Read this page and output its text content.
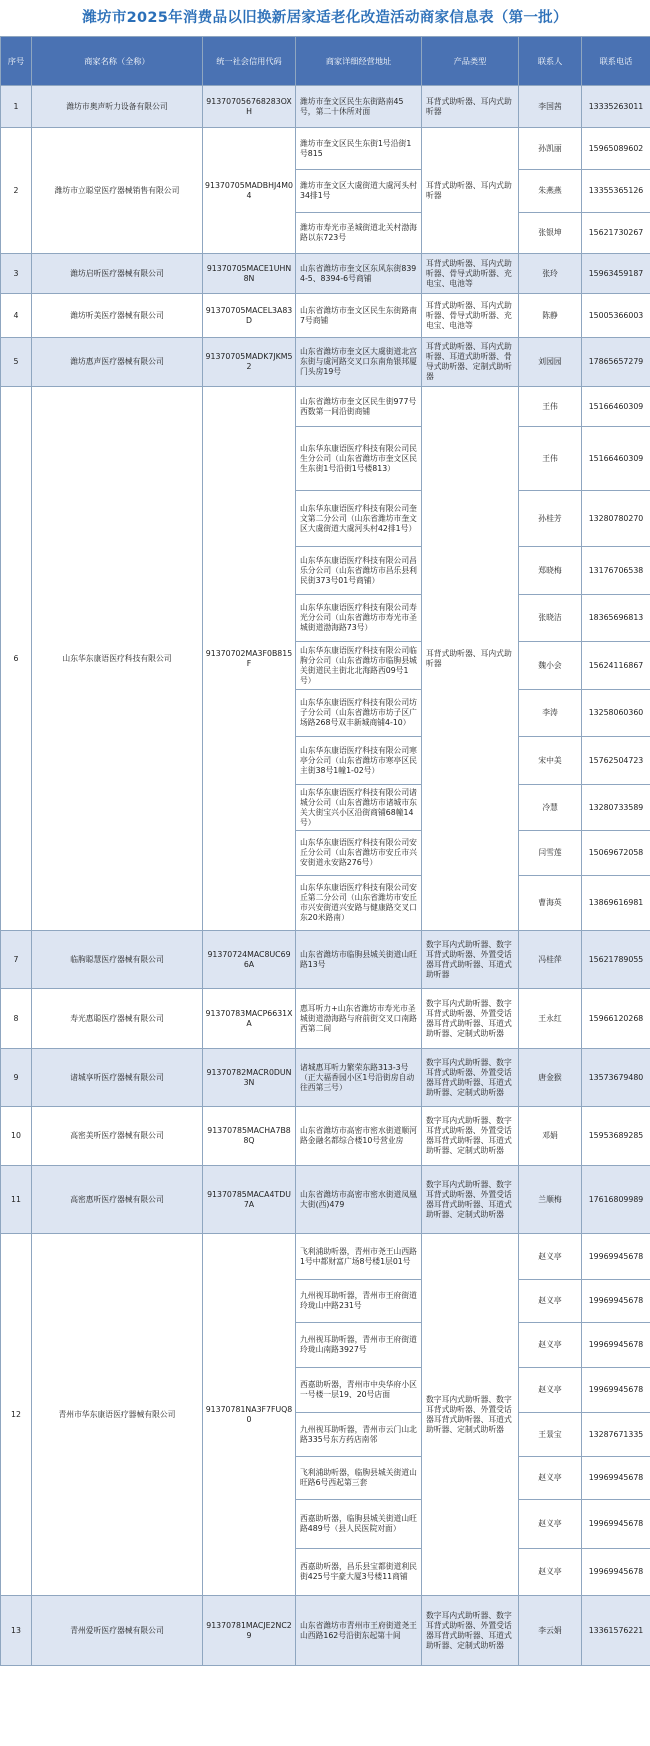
潍坊市2025年消费品以旧换新居家适老化改造活动商家信息表（第一批）
序号	商家名称（全称）	统一社会信用代码	商家详细经营地址	产品类型	联系人	联系电话
1	潍坊市奥声听力设备有限公司	913707056768283OXH	潍坊市奎文区民生东街路南45号，第二十休所对面	耳背式助听器、耳内式助听器	李国茜	13335263011
2	潍坊市立聪堂医疗器械销售有限公司	91370705MADBHJ4M04	潍坊市奎文区民生东街1号沿街1号815	耳背式助听器、耳内式助听器	孙凯丽	15965089602
			潍坊市奎文区大虞街道大虞河头村34排1号		朱燕燕	13355365126
			潍坊市寿光市圣城街道北关村渤海路以东723号		张银坤	15621730267
3	潍坊启听医疗器械有限公司	91370705MACE1UHN8N	山东省潍坊市奎文区东风东街8394-5、8394-6号商铺	耳背式助听器、耳内式助听器、骨导式助听器、充电宝、电池等	张玲	15963459187
4	潍坊听美医疗器械有限公司	91370705MACEL3A83D	山东省潍坊市奎文区民生东街路南7号商铺	耳背式助听器、耳内式助听器、骨导式助听器、充电宝、电池等	陈静	15005366003
5	潍坊惠声医疗器械有限公司	91370705MADK7JKM52	山东省潍坊市奎文区大虞街道北宫东街与虞河路交叉口东南角银邦厦门头房19号	耳背式助听器、耳内式助听器、耳道式助听器、骨导式助听器、定制式助听器	刘园园	17865657279
6	山东华东康语医疗科技有限公司	91370702MA3F0B815F	山东省潍坊市奎文区民生街977号西数第一间沿街商铺	耳背式助听器、耳内式助听器	王伟	15166460309
			山东华东康语医疗科技有限公司民生分公司（山东省潍坊市奎文区民生东街1号沿街1号楼813）		王伟	15166460309
			山东华东康语医疗科技有限公司奎文第二分公司（山东省潍坊市奎文区大虞街道大虞河头村42排1号）		孙桂芳	13280780270
			山东华东康语医疗科技有限公司昌乐分公司（山东省潍坊市昌乐县利民街373号01号商铺）		郑晓梅	13176706538
			山东华东康语医疗科技有限公司寿光分公司（山东省潍坊市寿光市圣城街道渤海路73号）		张晓洁	18365696813
			山东华东康语医疗科技有限公司临朐分公司（山东省潍坊市临朐县城关街道民主街北北海路西09号1号）		魏小会	15624116867
			山东华东康语医疗科技有限公司坊子分公司（山东省潍坊市坊子区广场路268号双丰新城商铺4-10）		李涛	13258060360
			山东华东康语医疗科技有限公司寒亭分公司（山东省潍坊市寒亭区民主街38号1幢1-02号）		宋中美	15762504723
			山东华东康语医疗科技有限公司诸城分公司（山东省潍坊市诸城市东关大街宝兴小区沿街商铺68幢14号）		冷慧	13280733589
			山东华东康语医疗科技有限公司安丘分公司（山东省潍坊市安丘市兴安街道永安路276号）		闫雪莲	15069672058
			山东华东康语医疗科技有限公司安丘第二分公司（山东省潍坊市安丘市兴安街道兴安路与健康路交叉口东20米路南）		曹海英	13869616981
7	临朐聪慧医疗器械有限公司	91370724MAC8UC696A	山东省潍坊市临朐县城关街道山旺路13号	数字耳内式助听器、数字耳背式助听器、外置受话器耳背式助听器、耳道式助听器	冯桂萍	15621789055
8	寿光惠聪医疗器械有限公司	91370783MACP6631XA	惠耳听力+山东省潍坊市寿光市圣城街道渤海路与府前街交叉口南路西第二间	数字耳内式助听器、数字耳背式助听器、外置受话器耳背式助听器、耳道式助听器、定制式助听器	王永红	15966120268
9	诸城享听医疗器械有限公司	91370782MACR0DUN3N	诸城惠耳听力繁荣东路313-3号（正大福香园小区1号沿街房自动往西第三号）	数字耳内式助听器、数字耳背式助听器、外置受话器耳背式助听器、耳道式助听器、定制式助听器	唐金猴	13573679480
10	高密美听医疗器械有限公司	91370785MACHA7B88Q	山东省潍坊市高密市密水街道顺河路金融名都综合楼10号营业房	数字耳内式助听器、数字耳背式助听器、外置受话器耳背式助听器、耳道式助听器、定制式助听器	邓娟	15953689285
11	高密惠听医疗器械有限公司	91370785MACA4TDU7A	山东省潍坊市高密市密水街道凤凰大街(西)479	数字耳内式助听器、数字耳背式助听器、外置受话器耳背式助听器、耳道式助听器、定制式助听器	兰顺梅	17616809989
12	青州市华东康语医疗器械有限公司	91370781NA3F7FUQ80	飞利浦助听器，青州市尧王山西路1号中都财富广场8号楼1层01号	数字耳内式助听器、数字耳背式助听器、外置受话器耳背式助听器、耳道式助听器、定制式助听器	赵义亭	19969945678
			九州视耳助听器，青州市王府街道玲珑山中路231号		赵义亭	19969945678
			九州视耳助听器，青州市王府街道玲珑山南路3927号		赵义亭	19969945678
			西嘉助听器，青州市中央华府小区一号楼一层19、20号店面		赵义亭	19969945678
			九州视耳助听器，青州市云门山北路335号东方药店南邻		王景宝	13287671335
			飞利浦助听器，临朐县城关街道山旺路6号西起第三套		赵义亭	19969945678
			西嘉助听器，临朐县城关街道山旺路489号（县人民医院对面）		赵义亭	19969945678
			西嘉助听器，昌乐县宝都街道利民街425号宇豪大厦3号楼11商铺		赵义亭	19969945678
13	青州爱听医疗器械有限公司	91370781MACJE2NC29	山东省潍坊市青州市王府街道尧王山西路162号沿街东起第十间	数字耳内式助听器、数字耳背式助听器、外置受话器耳背式助听器、耳道式助听器、定制式助听器	李云娟	13361576221
